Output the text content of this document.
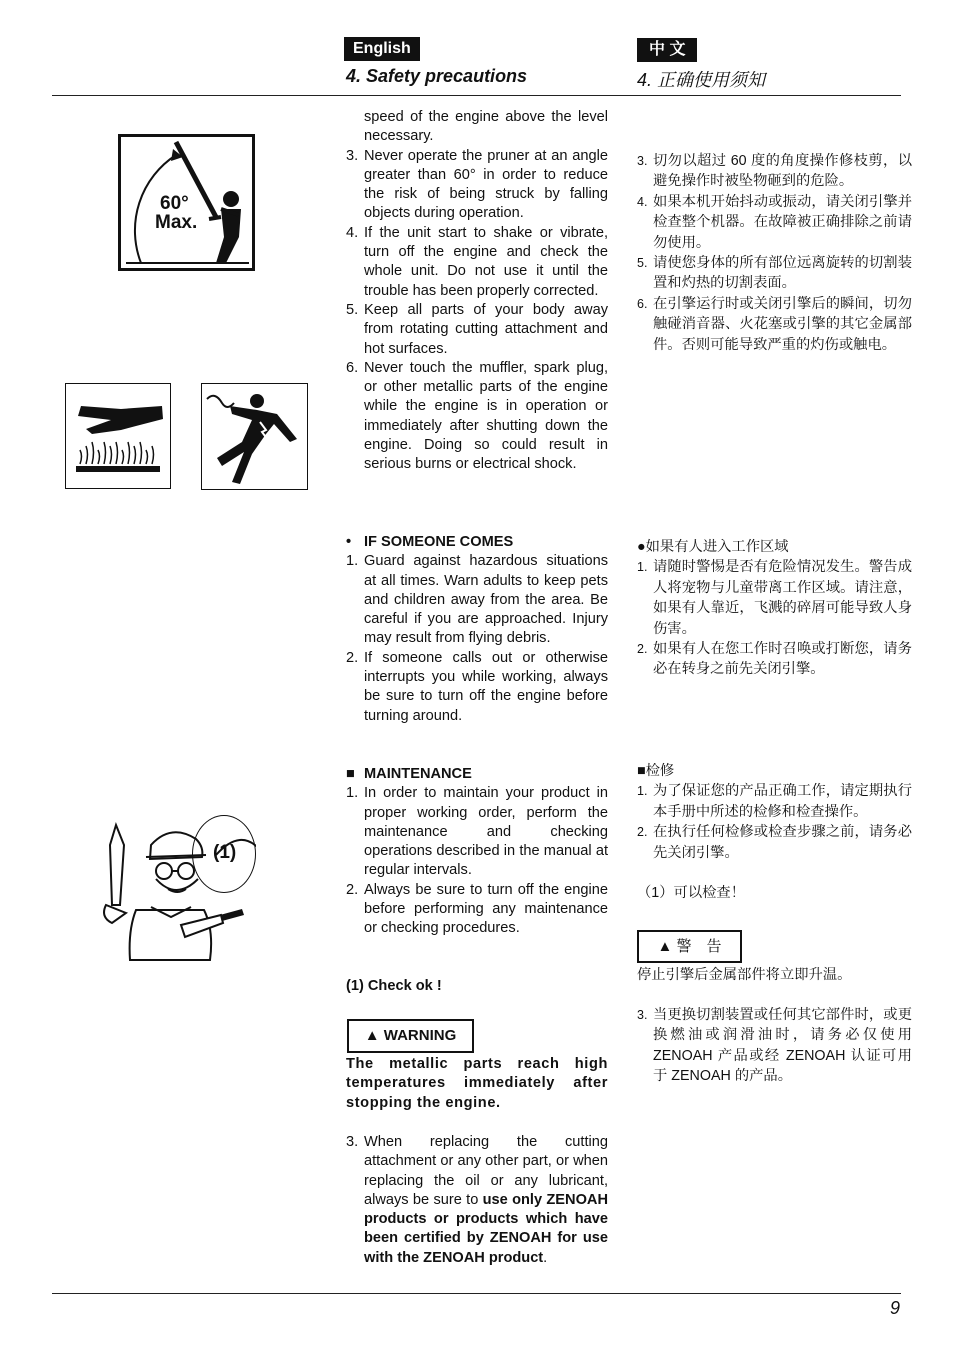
English	中 文
4. Safety precautions	4. 正确使用须知
60°
Max.
(1)
speed of the engine above the level necessary.
3. Never operate the pruner at an angle greater than 60° in order to reduce the risk of being struck by falling objects during operation.
4. If the unit start to shake or vibrate, turn off the engine and check the whole unit. Do not use it until the trouble has been properly corrected.
5. Keep all parts of your body away from rotating cutting attachment and hot surfaces.
6. Never touch the muffler, spark plug, or other metallic parts of the engine while the engine is in operation or immediately after shutting down the engine. Doing so could result in serious burns or electrical shock.
• IF SOMEONE COMES
1. Guard against hazardous situations at all times. Warn adults to keep pets and children away from the area. Be careful if you are approached. Injury may result from flying debris.
2. If someone calls out or otherwise interrupts you while working, always be sure to turn off the engine before turning around.
■ MAINTENANCE
1. In order to maintain your product in proper working order, perform the maintenance and checking operations described in the manual at regular intervals.
2. Always be sure to turn off the engine before performing any maintenance or checking procedures.
(1) Check ok !
▲ WARNING
The metallic parts reach high temperatures immediately after stopping the engine.
3. When replacing the cutting attachment or any other part, or when replacing the oil or any lubricant, always be sure to use only ZENOAH products or products which have been certified by ZENOAH for use with the ZENOAH product.
3. 切勿以超过 60 度的角度操作修枝剪，以避免操作时被坠物砸到的危险。
4. 如果本机开始抖动或振动，请关闭引擎并检查整个机器。在故障被正确排除之前请勿使用。
5. 请使您身体的所有部位远离旋转的切割装置和灼热的切割表面。
6. 在引擎运行时或关闭引擎后的瞬间，切勿触碰消音器、火花塞或引擎的其它金属部件。否则可能导致严重的灼伤或触电。
●如果有人进入工作区域
1. 请随时警惕是否有危险情况发生。警告成人将宠物与儿童带离工作区域。请注意，如果有人靠近，飞溅的碎屑可能导致人身伤害。
2. 如果有人在您工作时召唤或打断您，请务必在转身之前先关闭引擎。
■检修
1. 为了保证您的产品正确工作，请定期执行本手册中所述的检修和检查操作。
2. 在执行任何检修或检查步骤之前，请务必先关闭引擎。
（1）可以检查！
▲ 警　告
停止引擎后金属部件将立即升温。
3. 当更换切割装置或任何其它部件时，或更换燃油或润滑油时，请务必仅使用 ZENOAH 产品或经 ZENOAH 认证可用于 ZENOAH 的产品。
9
